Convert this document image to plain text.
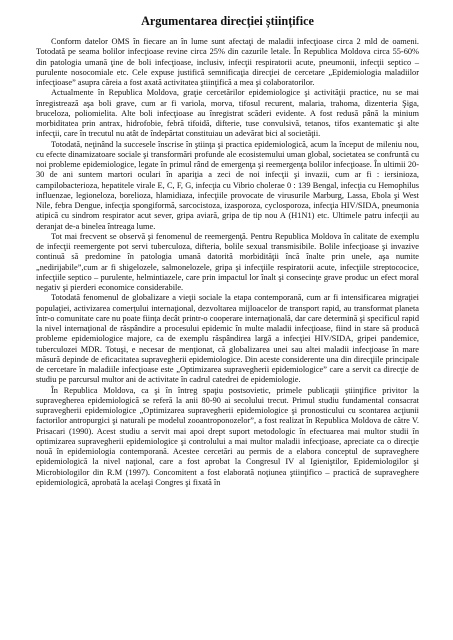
Argumentarea direcției științifice

Conform datelor OMS în fiecare an în lume sunt afectaţi de maladii infecţioase circa 2 mld de oameni. Totodată pe seama bolilor infecţioase revine circa 25% din cazurile letale. În Republica Moldova circa 55-60% din patologia umană ţine de boli infecţioase, inclusiv, infecţii respiratorii acute, pneumonii, infecţii septico – purulente nosocomiale etc. Cele expuse justifică semnificaţia direcţiei de cercetare „Epidemiologia maladiilor infecţioase” asupra căreia a fost axată activitatea ştiinţifică a mea şi colaboratorilor.

Actualmente în Republica Moldova, graţie cercetărilor epidemiologice şi activităţii practice, nu se mai înregistrează aşa boli grave, cum ar fi variola, morva, tifosul recurent, malaria, trahoma, dizenteria Şiga, bruceloza, poliomielita. Alte boli infecţioase au înregistrat scăderi evidente. A fost redusă până la minium morbiditatea prin antrax, hidrofobie, febră tifoidă, difterie, tuse convulsivă, tetanos, tifos exantematic şi alte infecţii, care în trecutul nu atât de îndepărtat constituiau un adevărat bici al societăţii.

Totodată, neţinând la succesele înscrise în ştiinţa şi practica epidemiologică, acum la început de mileniu nou, cu efecte dinamizatoare sociale şi transformări profunde ale ecosistemului uman global, societatea se confruntă cu noi probleme epidemiologice, legate în primul rând de emergenţa şi reemergenţa bolilor infecţioase. În ultimii 20-30 de ani suntem martori oculari în apariţia a zeci de noi infecţii şi invazii, cum ar fi : iersinioza, campilobacterioza, hepatitele virale E, C, F, G, infecţia cu Vibrio cholerae 0 : 139 Bengal, infecţia cu Hemophilus influenzae, legioneloza, borelioza, hlamidiaza, infecţiile provocate de virusurile Marburg, Lassa, Ebola şi West Nile, febra Dengue, infecţia spongiformă, sarcocistoza, izasporoza, cyclosporoza, infecţia HIV/SIDA, pneumonia atipică cu sindrom respirator acut sever, gripa aviară, gripa de tip nou A (H1N1) etc. Ultimele patru infecţii au deranjat de-a binelea întreaga lume.

Tot mai frecvent se observă şi fenomenul de reemergenţă. Pentru Republica Moldova în calitate de exemplu de infecţii reemergente pot servi tuberculoza, difteria, bolile sexual transmisibile. Bolile infecţioase şi invazive continuă să predomine în patologia umană datorită morbidităţii încă înalte prin unele, aşa numite „nedirijabile”,cum ar fi shigelozele, salmonelozele, gripa şi infecţiile respiratorii acute, infecţiile streptococice, infecţiile septico – purulente, helmintiazele, care prin impactul lor înalt şi consecinţe grave produc un efect moral negativ şi pierderi economice considerabile.

Totodată fenomenul de globalizare a vieţii sociale la etapa contemporană, cum ar fi intensificarea migraţiei populaţiei, activizarea comerţului internaţional, dezvoltarea mijloacelor de transport rapid, au transformat planeta într-o comunitate care nu poate fiinţa decât printr-o cooperare internaţională, dar care determină şi specificul rapid la nivel internaţional de răspândire a procesului epidemic în multe maladii infecţioase, fiind in stare să producă probleme epidemiologice majore, ca de exemplu răspândirea largă a infecţiei HIV/SIDA, gripei pandemice, tuberculozei MDR. Totuşi, e necesar de menţionat, că globalizarea unei sau altei maladii infecţioase în mare măsură depinde de eficacitatea supravegherii epidemiologice. Din aceste considerente una din direcţiile principale de cercetare în maladiile infecţioase este „Optimizarea supravegherii epidemiologice” care a servit ca direcţie de studiu pe parcursul multor ani de activitate în cadrul catedrei de epidemiologie.

În Republica Moldova, ca şi în întreg spaţiu postsovietic, primele publicaţii ştiinţifice privitor la supravegherea epidemiologică se referă la anii 80-90 ai secolului trecut. Primul studiu fundamental consacrat supravegherii epidemiologice „Optimizarea supravegherii epidemiologice şi pronosticului cu scontarea acţiunii factorilor antropurgici şi naturali pe modelul zooantroponozelor”, a fost realizat în Republica Moldova de către V. Prisacari (1990). Acest studiu a servit mai apoi drept suport metodologic în efectuarea mai multor studii în optimizarea supravegherii epidemiologice şi controlului a mai multor maladii infecţioase, apreciate ca o direcţie nouă în epidemiologia contemporană. Acestee cercetări au permis de a elabora conceptul de supraveghere epidemiologică la nivel naţional, care a fost aprobat la Congresul IV al Igieniştilor, Epidemiologilor şi Microbiologilor din R.M (1997). Concomitent a fost elaborată noţiunea ştiinţifico – practică de supraveghere epidemiologică, aprobată la acelaşi Congres şi fixată în
